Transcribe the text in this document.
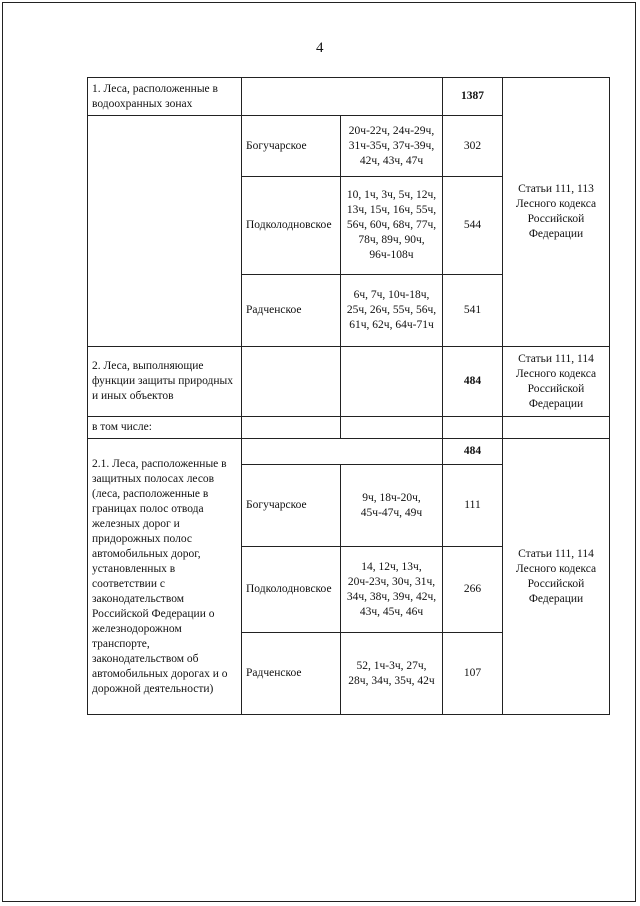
4
1. Леса, расположенные в водоохранных зонах			1387	Статьи 111, 113 Лесного кодекса Российской Федерации
	Богучарское	20ч-22ч, 24ч-29ч, 31ч-35ч, 37ч-39ч, 42ч, 43ч, 47ч	302	
	Подколодновское	10, 1ч, 3ч, 5ч, 12ч, 13ч, 15ч, 16ч, 55ч, 56ч, 60ч, 68ч, 77ч, 78ч, 89ч, 90ч, 96ч-108ч	544	
	Радченское	6ч, 7ч, 10ч-18ч, 25ч, 26ч, 55ч, 56ч, 61ч, 62ч, 64ч-71ч	541	
2. Леса, выполняющие функции защиты природных и иных объектов			484	Статьи 111, 114 Лесного кодекса Российской Федерации
в том числе:				
2.1. Леса, расположенные в защитных полосах лесов (леса, расположенные в границах полос отвода железных дорог и придорожных полос автомобильных дорог, установленных в соответствии с законодательством Российской Федерации о железнодорожном транспорте, законодательством об автомобильных дорогах и о дорожной деятельности)			484	Статьи 111, 114 Лесного кодекса Российской Федерации
	Богучарское	9ч, 18ч-20ч, 45ч-47ч, 49ч	111	
	Подколодновское	14, 12ч, 13ч, 20ч-23ч, 30ч, 31ч, 34ч, 38ч, 39ч, 42ч, 43ч, 45ч, 46ч	266	
	Радченское	52, 1ч-3ч, 27ч, 28ч, 34ч, 35ч, 42ч	107	
